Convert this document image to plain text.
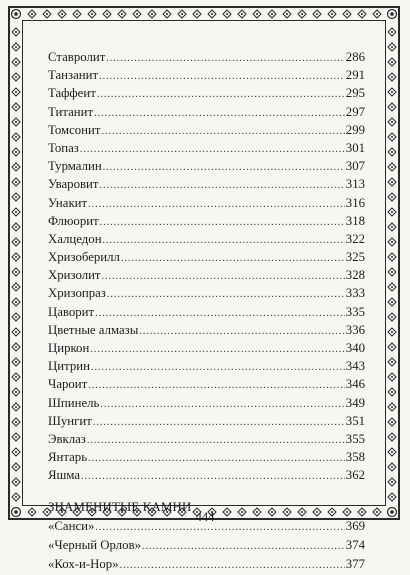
Ставролит .....	286
Танзанит .....	291
Таффеит .....	295
Титанит .....	297
Томсонит .....	299
Топаз .....	301
Турмалин .....	307
Уваровит .....	313
Унакит .....	316
Флюорит .....	318
Халцедон .....	322
Хризоберилл .....	325
Хризолит .....	328
Хризопраз .....	333
Цаворит .....	335
Цветные алмазы .....	336
Циркон .....	340
Цитрин .....	343
Чароит .....	346
Шпинель .....	349
Шунгит .....	351
Эвклаз .....	355
Янтарь .....	358
Яшма .....	362
ЗНАМЕНИТЫЕ КАМНИ
«Санси» .....	369
«Черный Орлов» .....	374
«Кох-и-Нор» .....	377
444
